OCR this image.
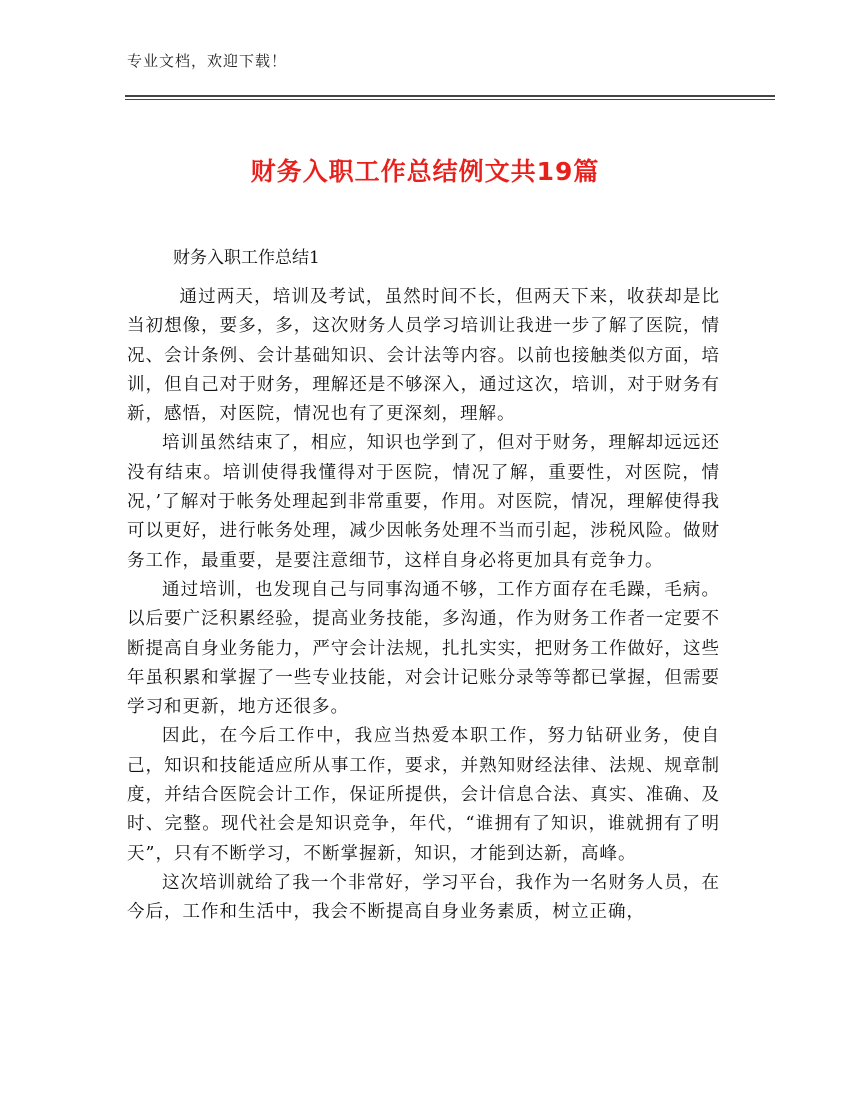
专业文档，欢迎下载！
财务入职工作总结例文共19篇
财务入职工作总结1

通过两天，培训及考试，虽然时间不长，但两天下来，收获却是比当初想像，要多，多，这次财务人员学习培训让我进一步了解了医院，情况、会计条例、会计基础知识、会计法等内容。以前也接触类似方面，培训，但自己对于财务，理解还是不够深入，通过这次，培训，对于财务有新，感悟，对医院，情况也有了更深刻，理解。

培训虽然结束了，相应，知识也学到了，但对于财务，理解却远远还没有结束。培训使得我懂得对于医院，情况了解，重要性，对医院，情况，’了解对于帐务处理起到非常重要，作用。对医院，情况，理解使得我可以更好，进行帐务处理，减少因帐务处理不当而引起，涉税风险。做财务工作，最重要，是要注意细节，这样自身必将更加具有竞争力。

通过培训，也发现自己与同事沟通不够，工作方面存在毛躁，毛病。以后要广泛积累经验，提高业务技能，多沟通，作为财务工作者一定要不断提高自身业务能力，严守会计法规，扎扎实实，把财务工作做好，这些年虽积累和掌握了一些专业技能，对会计记账分录等等都已掌握，但需要学习和更新，地方还很多。

因此，在今后工作中，我应当热爱本职工作，努力钻研业务，使自己，知识和技能适应所从事工作，要求，并熟知财经法律、法规、规章制度，并结合医院会计工作，保证所提供，会计信息合法、真实、准确、及时、完整。现代社会是知识竞争，年代，“谁拥有了知识，谁就拥有了明天”，只有不断学习，不断掌握新，知识，才能到达新，高峰。

这次培训就给了我一个非常好，学习平台，我作为一名财务人员，在今后，工作和生活中，我会不断提高自身业务素质，树立正确，
